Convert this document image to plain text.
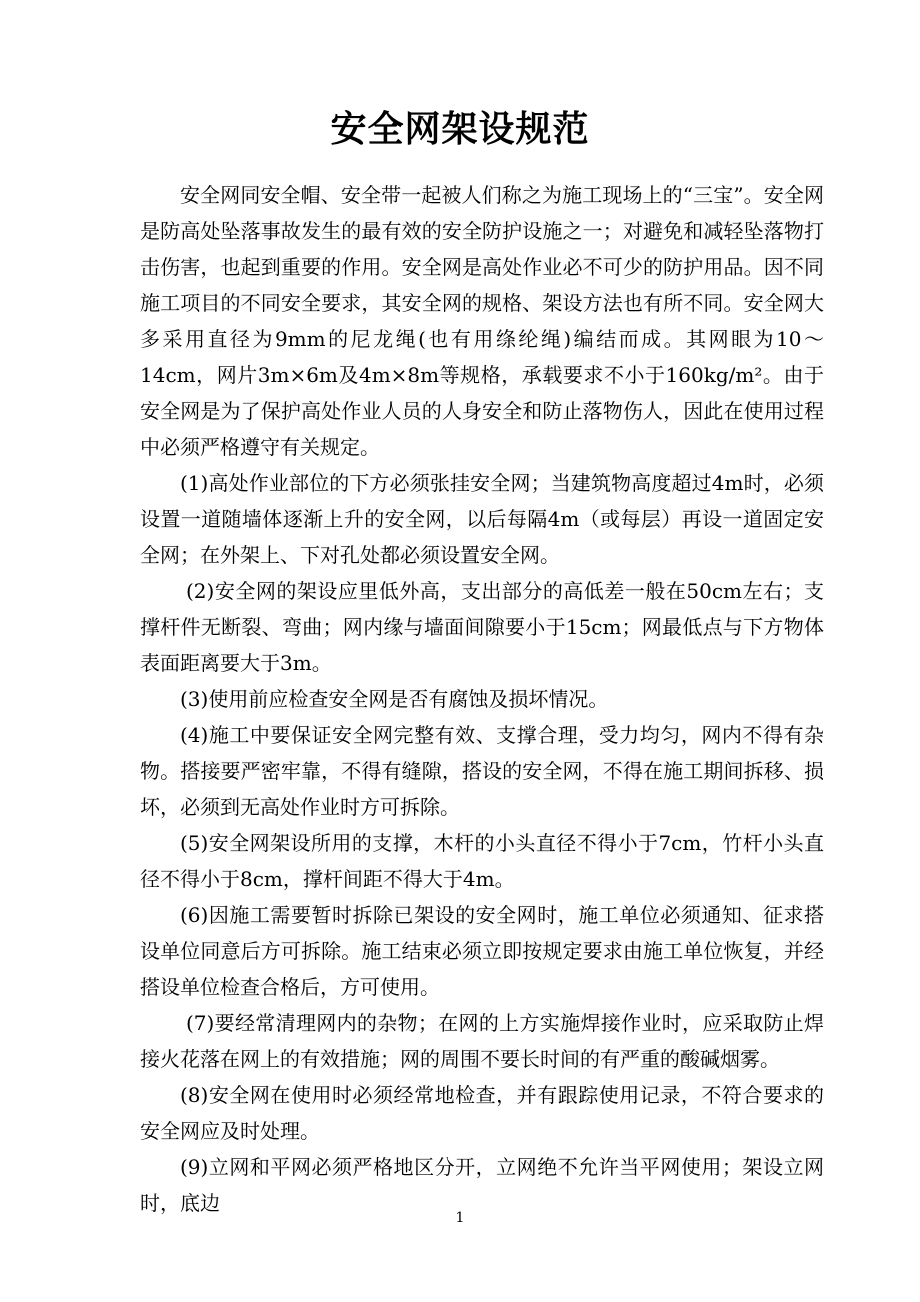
安全网架设规范

安全网同安全帽、安全带一起被人们称之为施工现场上的“三宝”。安全网是防高处坠落事故发生的最有效的安全防护设施之一；对避免和减轻坠落物打击伤害，也起到重要的作用。安全网是高处作业必不可少的防护用品。因不同施工项目的不同安全要求，其安全网的规格、架设方法也有所不同。安全网大多采用直径为9mm的尼龙绳(也有用绦纶绳)编结而成。其网眼为10～14cm，网片3m×6m及4m×8m等规格，承载要求不小于160kg/m²。由于安全网是为了保护高处作业人员的人身安全和防止落物伤人，因此在使用过程中必须严格遵守有关规定。

(1)高处作业部位的下方必须张挂安全网；当建筑物高度超过4m时，必须设置一道随墙体逐渐上升的安全网，以后每隔4m（或每层）再设一道固定安全网；在外架上、下对孔处都必须设置安全网。

(2)安全网的架设应里低外高，支出部分的高低差一般在50cm左右；支撑杆件无断裂、弯曲；网内缘与墙面间隙要小于15cm；网最低点与下方物体表面距离要大于3m。

(3)使用前应检查安全网是否有腐蚀及损坏情况。

(4)施工中要保证安全网完整有效、支撑合理，受力均匀，网内不得有杂物。搭接要严密牢靠，不得有缝隙，搭设的安全网，不得在施工期间拆移、损坏，必须到无高处作业时方可拆除。

(5)安全网架设所用的支撑，木杆的小头直径不得小于7cm，竹杆小头直径不得小于8cm，撑杆间距不得大于4m。

(6)因施工需要暂时拆除已架设的安全网时，施工单位必须通知、征求搭设单位同意后方可拆除。施工结束必须立即按规定要求由施工单位恢复，并经搭设单位检查合格后，方可使用。

(7)要经常清理网内的杂物；在网的上方实施焊接作业时，应采取防止焊接火花落在网上的有效措施；网的周围不要长时间的有严重的酸碱烟雾。

(8)安全网在使用时必须经常地检查，并有跟踪使用记录，不符合要求的安全网应及时处理。

(9)立网和平网必须严格地区分开，立网绝不允许当平网使用；架设立网时，底边

1
